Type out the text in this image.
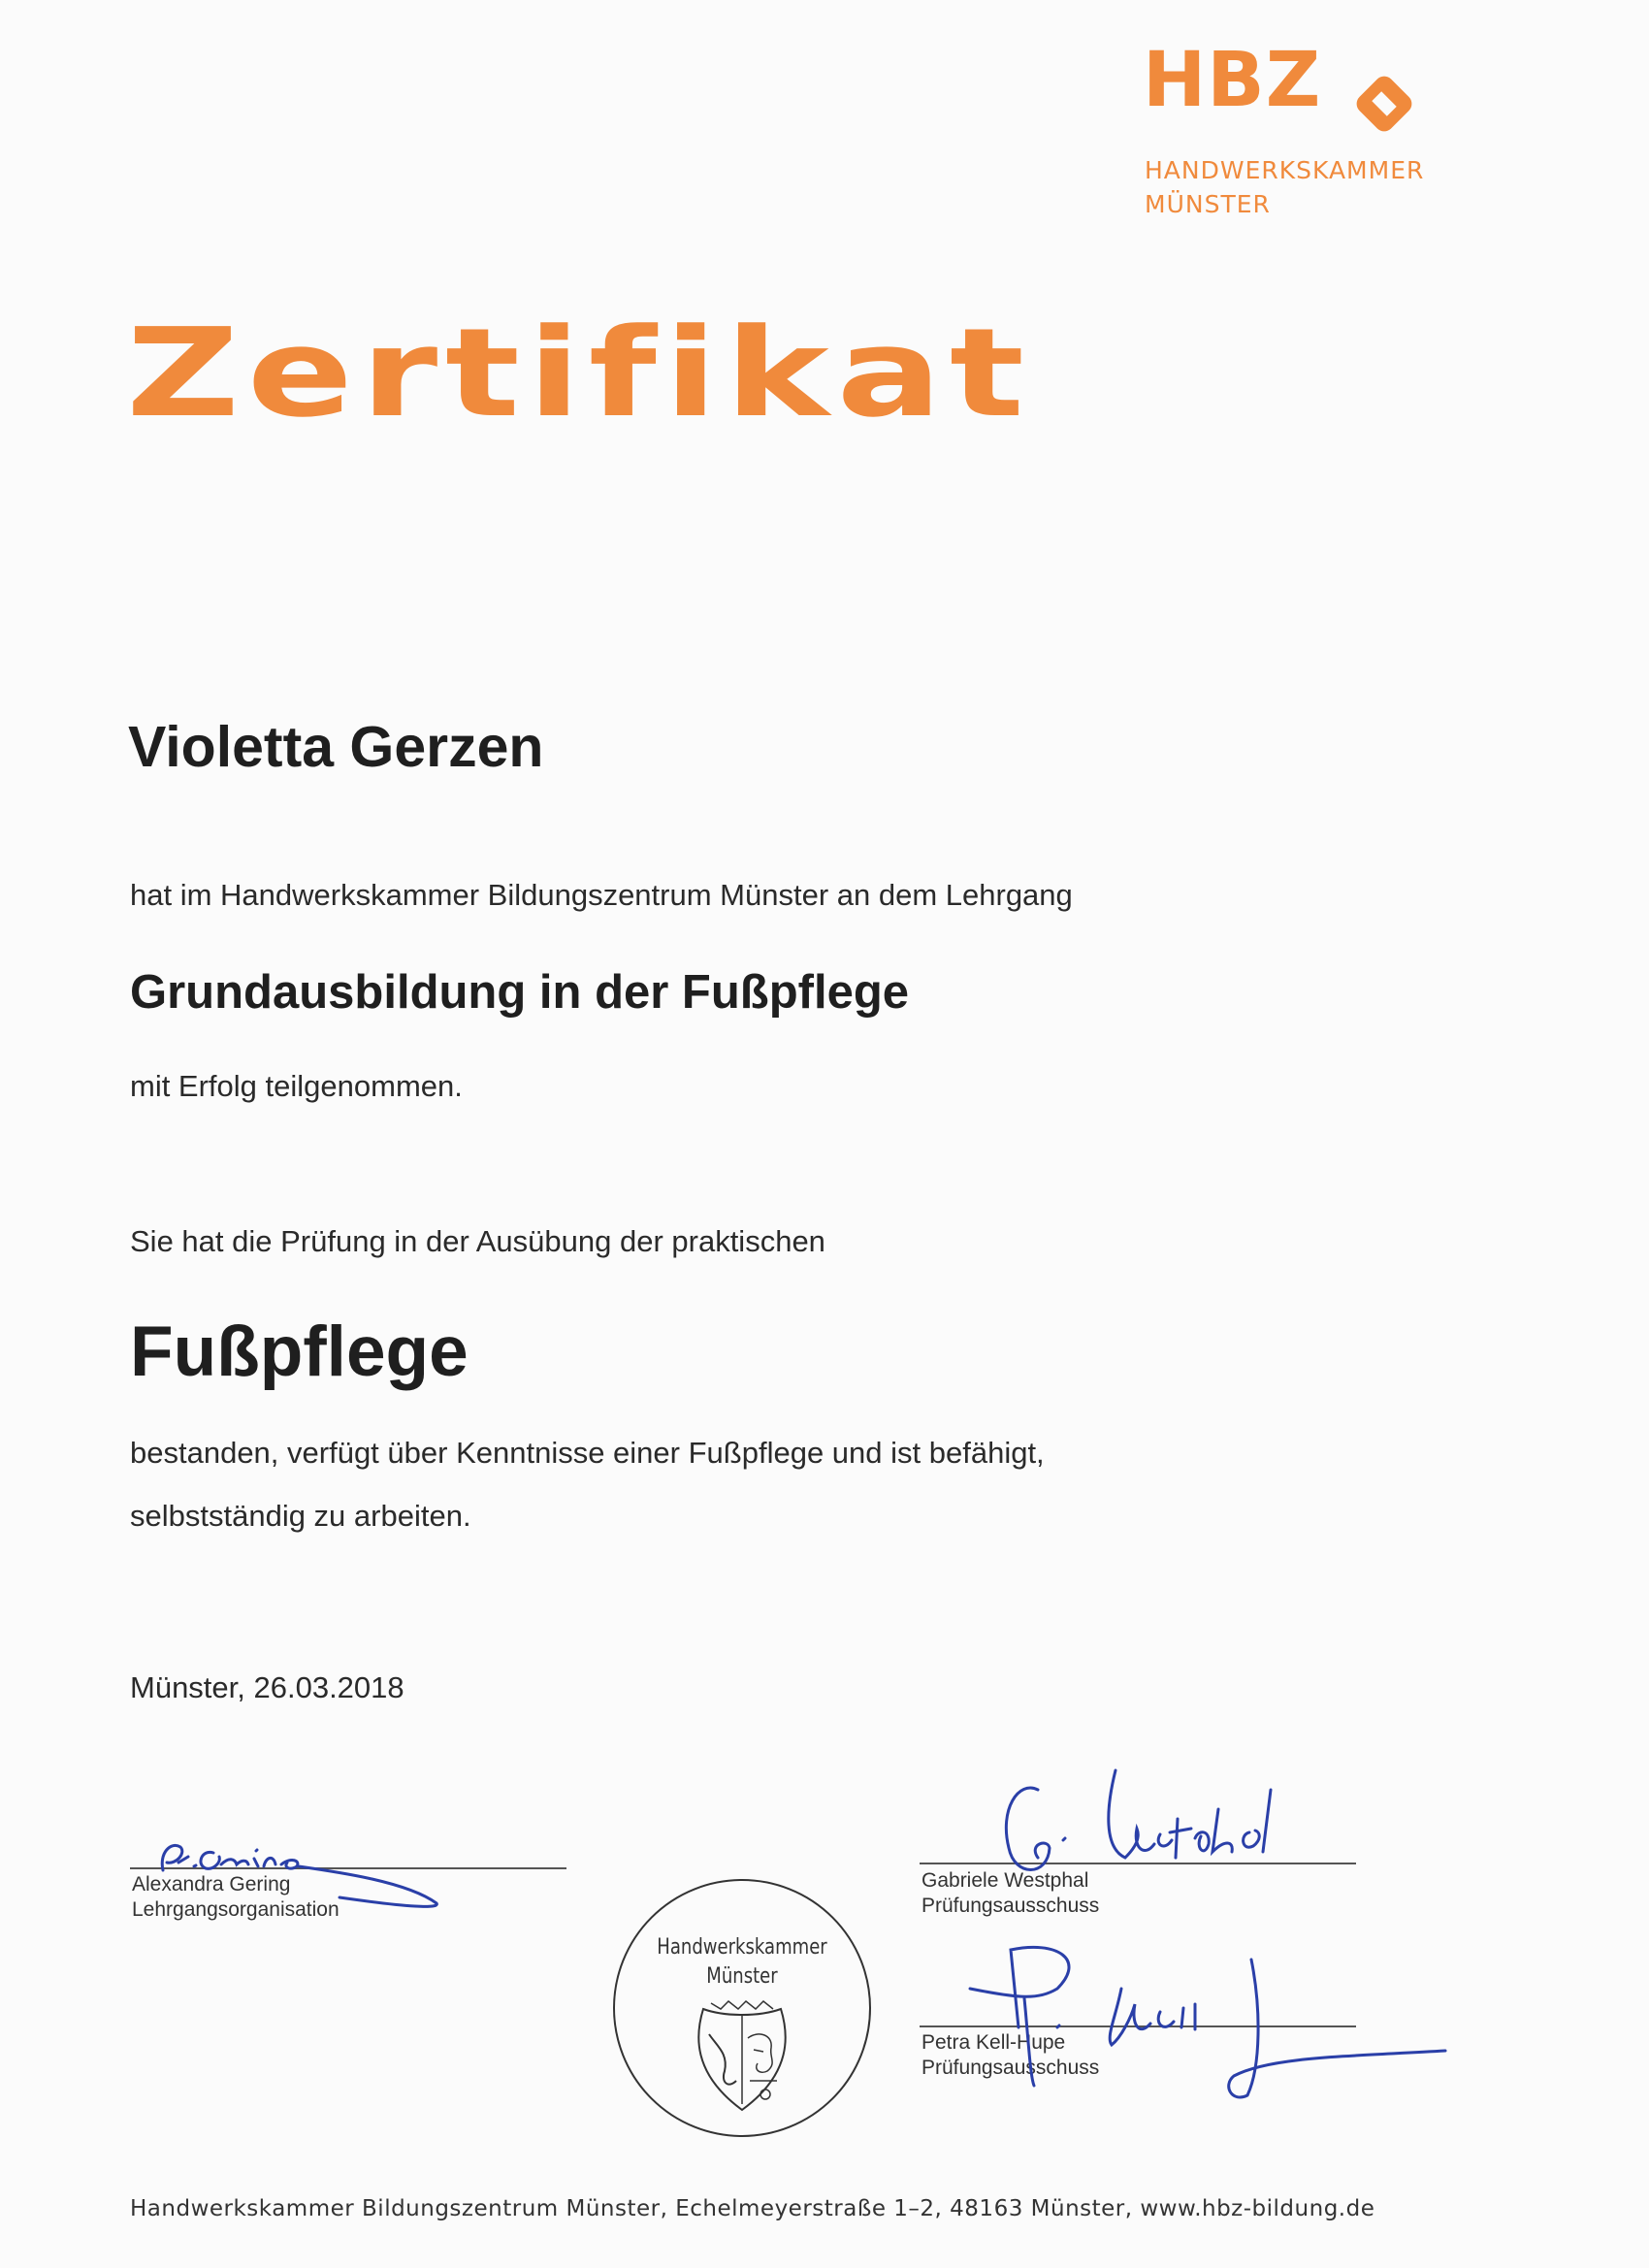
HBZ
HANDWERKSKAMMER
MÜNSTER
Zertifikat
Violetta Gerzen
hat im Handwerkskammer Bildungszentrum Münster an dem Lehrgang
Grundausbildung in der Fußpflege
mit Erfolg teilgenommen.
Sie hat die Prüfung in der Ausübung der praktischen
Fußpflege
bestanden, verfügt über Kenntnisse einer Fußpflege und ist befähigt,
selbstständig zu arbeiten.
Münster, 26.03.2018
Alexandra Gering
Lehrgangsorganisation
Gabriele Westphal
Prüfungsausschuss
Petra Kell-Hupe
Prüfungsausschuss
Handwerkskammer
Münster
Handwerkskammer Bildungszentrum Münster, Echelmeyerstraße 1–2, 48163 Münster, www.hbz-bildung.de
